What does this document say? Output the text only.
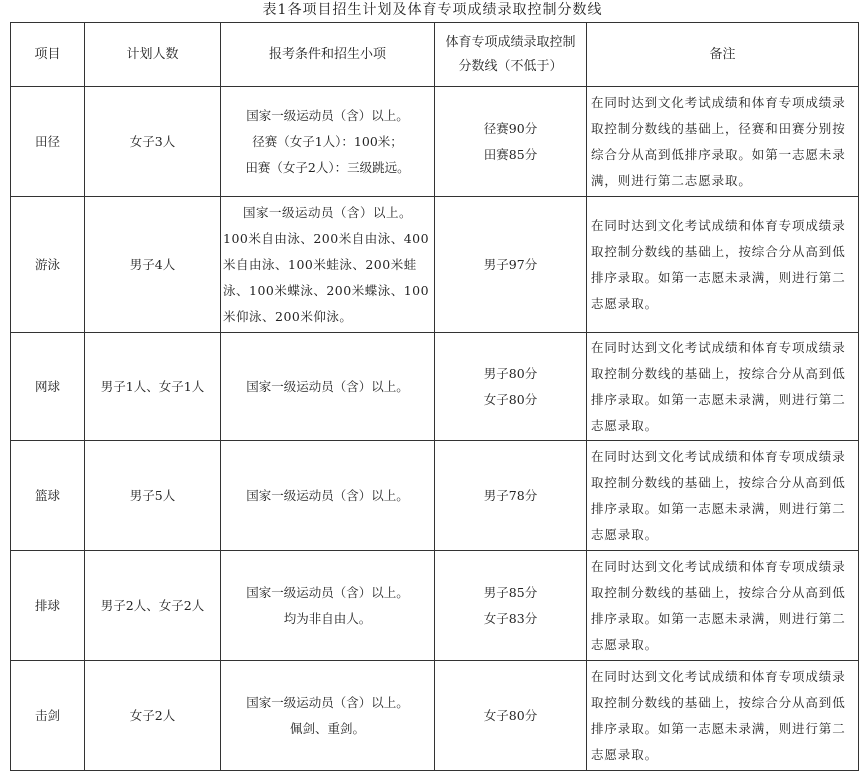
表1各项目招生计划及体育专项成绩录取控制分数线
项目	计划人数	报考条件和招生小项	体育专项成绩录取控制
分数线（不低于）	备注
田径	女子3人	国家一级运动员（含）以上。
径赛（女子1人）：100米；
田赛（女子2人）：三级跳远。	径赛90分
田赛85分	在同时达到文化考试成绩和体育专项成绩录取控制分数线的基础上，径赛和田赛分别按综合分从高到低排序录取。如第一志愿未录满，则进行第二志愿录取。
游泳	男子4人	国家一级运动员（含）以上。
100米自由泳、200米自由泳、400
米自由泳、100米蛙泳、200米蛙
泳、100米蝶泳、200米蝶泳、100
米仰泳、200米仰泳。	男子97分	在同时达到文化考试成绩和体育专项成绩录取控制分数线的基础上，按综合分从高到低排序录取。如第一志愿未录满，则进行第二志愿录取。
网球	男子1人、女子1人	国家一级运动员（含）以上。	男子80分
女子80分	在同时达到文化考试成绩和体育专项成绩录取控制分数线的基础上，按综合分从高到低排序录取。如第一志愿未录满，则进行第二志愿录取。
篮球	男子5人	国家一级运动员（含）以上。	男子78分	在同时达到文化考试成绩和体育专项成绩录取控制分数线的基础上，按综合分从高到低排序录取。如第一志愿未录满，则进行第二志愿录取。
排球	男子2人、女子2人	国家一级运动员（含）以上。
均为非自由人。	男子85分
女子83分	在同时达到文化考试成绩和体育专项成绩录取控制分数线的基础上，按综合分从高到低排序录取。如第一志愿未录满，则进行第二志愿录取。
击剑	女子2人	国家一级运动员（含）以上。
佩剑、重剑。	女子80分	在同时达到文化考试成绩和体育专项成绩录取控制分数线的基础上，按综合分从高到低排序录取。如第一志愿未录满，则进行第二志愿录取。
